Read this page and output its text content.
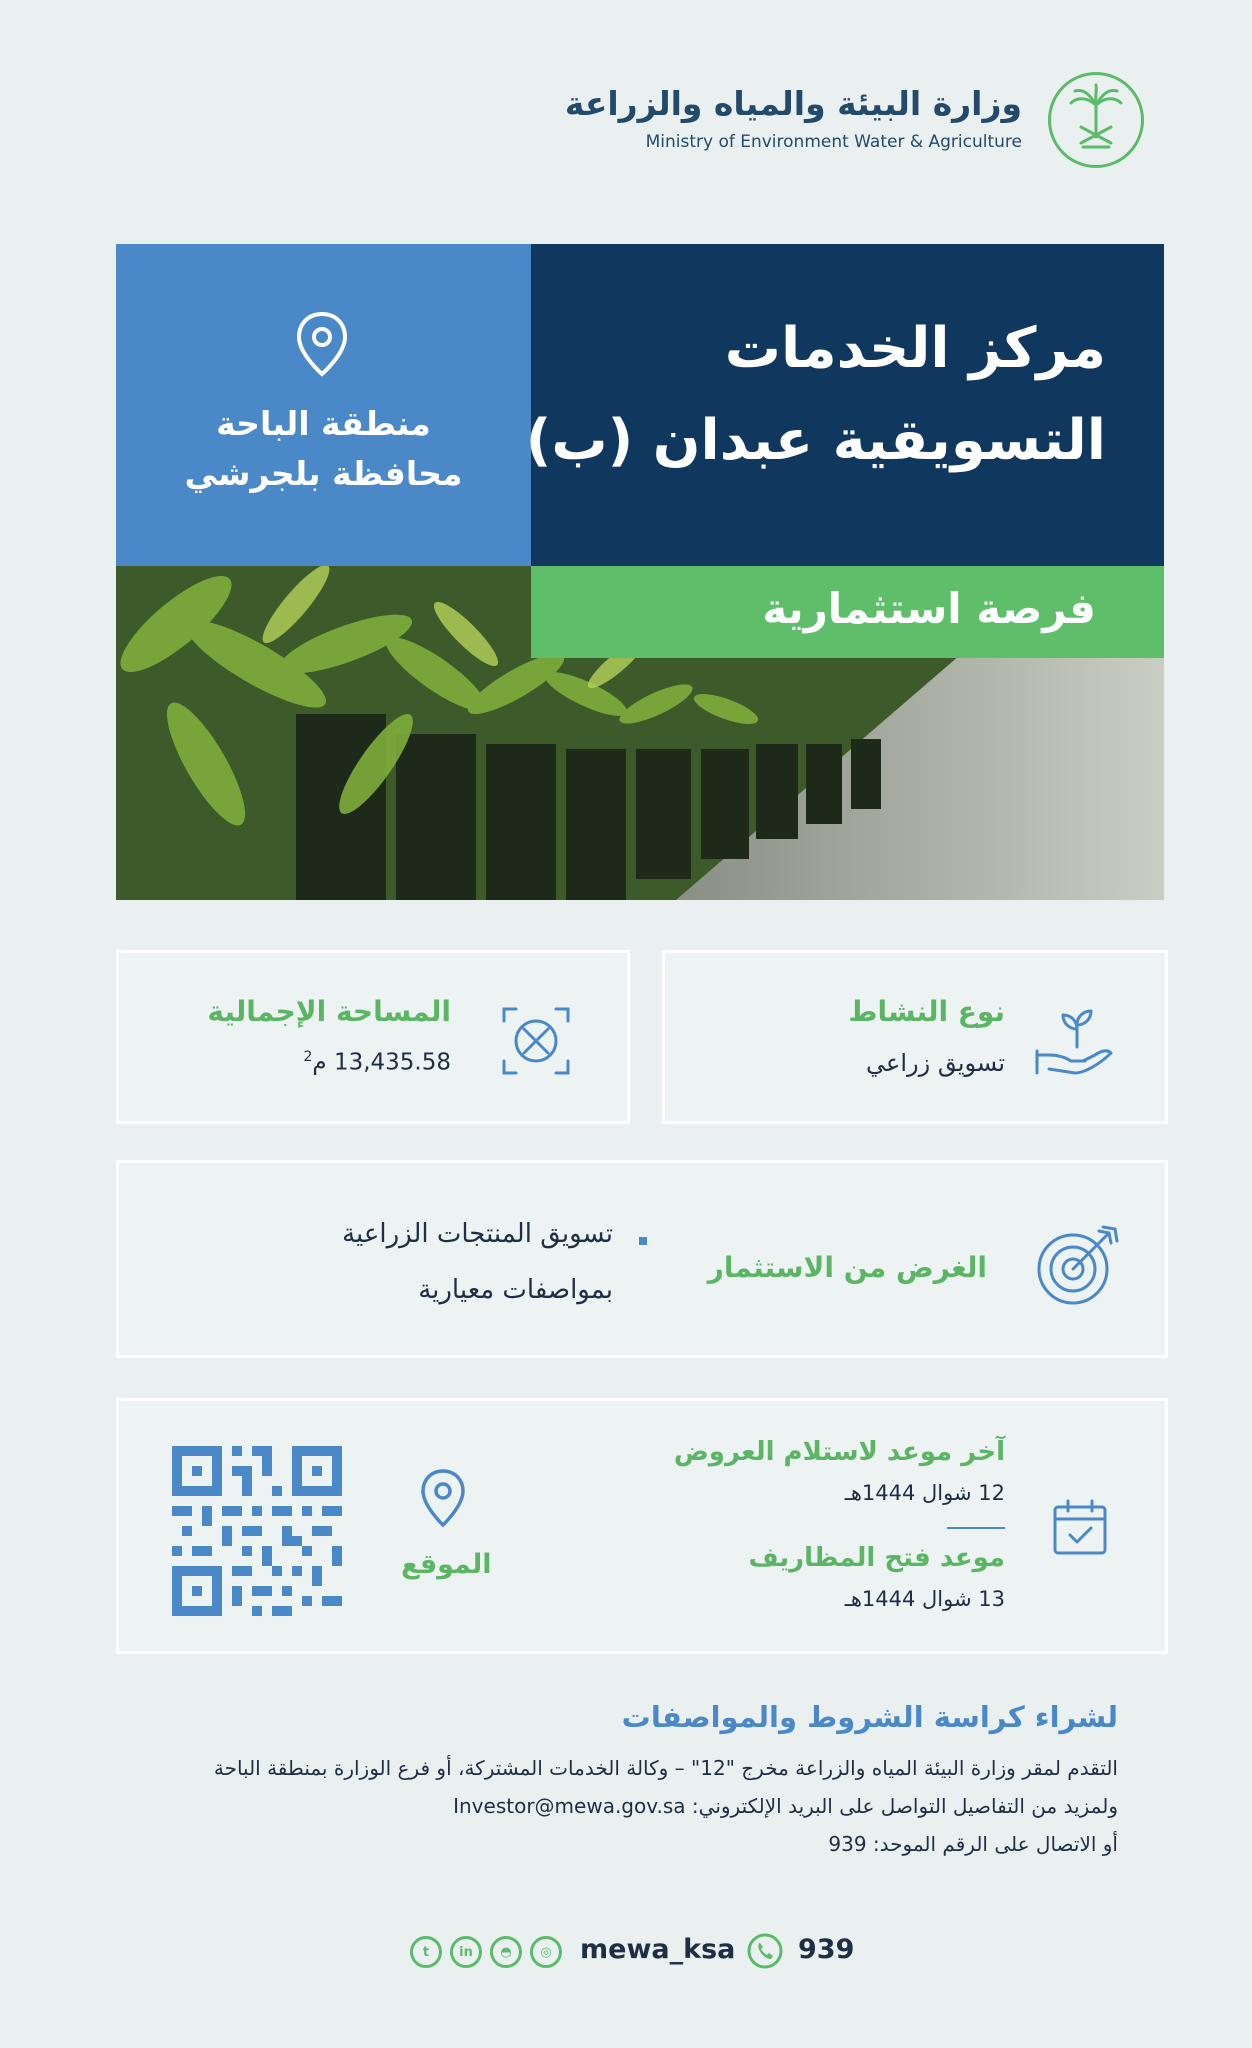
وزارة البيئة والمياه والزراعة
Ministry of Environment Water & Agriculture
منطقة الباحة
محافظة بلجرشي
مركز الخدمات
التسويقية عبدان (ب)
فرصة استثمارية
المساحة الإجمالية
$^2$13,435.58 م
نوع النشاط
تسويق زراعي
الغرض من الاستثمار
تسويق المنتجات الزراعية
بمواصفات معيارية
آخر موعد لاستلام العروض
12 شوال 1444هـ
موعد فتح المظاريف
13 شوال 1444هـ
الموقع
لشراء كراسة الشروط والمواصفات
التقدم لمقر وزارة البيئة المياه والزراعة مخرج "12" – وكالة الخدمات المشتركة، أو فرع الوزارة بمنطقة الباحة
ولمزيد من التفاصيل التواصل على البريد الإلكتروني: Investor@mewa.gov.sa
أو الاتصال على الرقم الموحد: 939
t	in	◓	◎	mewa_ksa 939
